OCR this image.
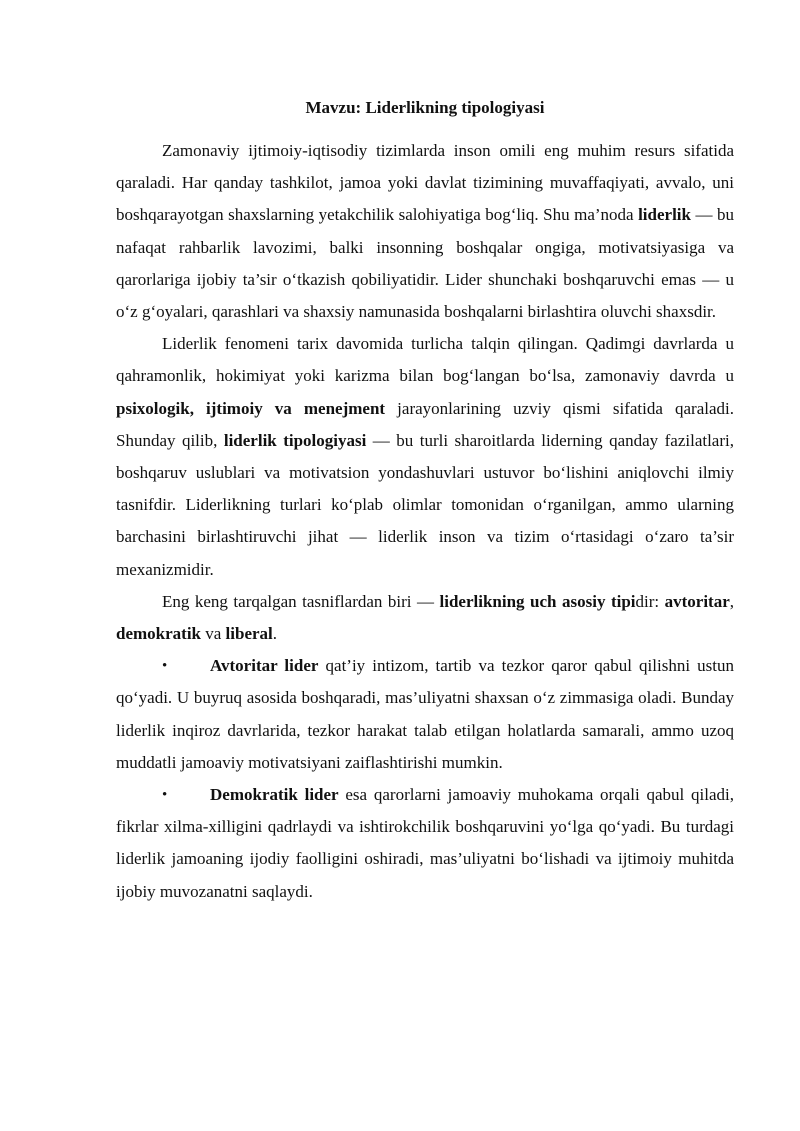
Mavzu: Liderlikning tipologiyasi

Zamonaviy ijtimoiy-iqtisodiy tizimlarda inson omili eng muhim resurs sifatida qaraladi. Har qanday tashkilot, jamoa yoki davlat tizimining muvaffaqiyati, avvalo, uni boshqarayotgan shaxslarning yetakchilik salohiyatiga bog‘liq. Shu ma’noda liderlik — bu nafaqat rahbarlik lavozimi, balki insonning boshqalar ongiga, motivatsiyasiga va qarorlariga ijobiy ta’sir o‘tkazish qobiliyatidir. Lider shunchaki boshqaruvchi emas — u o‘z g‘oyalari, qarashlari va shaxsiy namunasida boshqalarni birlashtira oluvchi shaxsdir.

Liderlik fenomeni tarix davomida turlicha talqin qilingan. Qadimgi davrlarda u qahramonlik, hokimiyat yoki karizma bilan bog‘langan bo‘lsa, zamonaviy davrda u psixologik, ijtimoiy va menejment jarayonlarining uzviy qismi sifatida qaraladi. Shunday qilib, liderlik tipologiyasi — bu turli sharoitlarda liderning qanday fazilatlari, boshqaruv uslublari va motivatsion yondashuvlari ustuvor bo‘lishini aniqlovchi ilmiy tasnifdir. Liderlikning turlari ko‘plab olimlar tomonidan o‘rganilgan, ammo ularning barchasini birlashtiruvchi jihat — liderlik inson va tizim o‘rtasidagi o‘zaro ta’sir mexanizmidir.

Eng keng tarqalgan tasniflardan biri — liderlikning uch asosiy tipidir: avtoritar, demokratik va liberal.

•	Avtoritar lider qat’iy intizom, tartib va tezkor qaror qabul qilishni ustun qo‘yadi. U buyruq asosida boshqaradi, mas’uliyatni shaxsan o‘z zimmasiga oladi. Bunday liderlik inqiroz davrlarida, tezkor harakat talab etilgan holatlarda samarali, ammo uzoq muddatli jamoaviy motivatsiyani zaiflashtirishi mumkin.

•	Demokratik lider esa qarorlarni jamoaviy muhokama orqali qabul qiladi, fikrlar xilma-xilligini qadrlaydi va ishtirokchilik boshqaruvini yo‘lga qo‘yadi. Bu turdagi liderlik jamoaning ijodiy faolligini oshiradi, mas’uliyatni bo‘lishadi va ijtimoiy muhitda ijobiy muvozanatni saqlaydi.
